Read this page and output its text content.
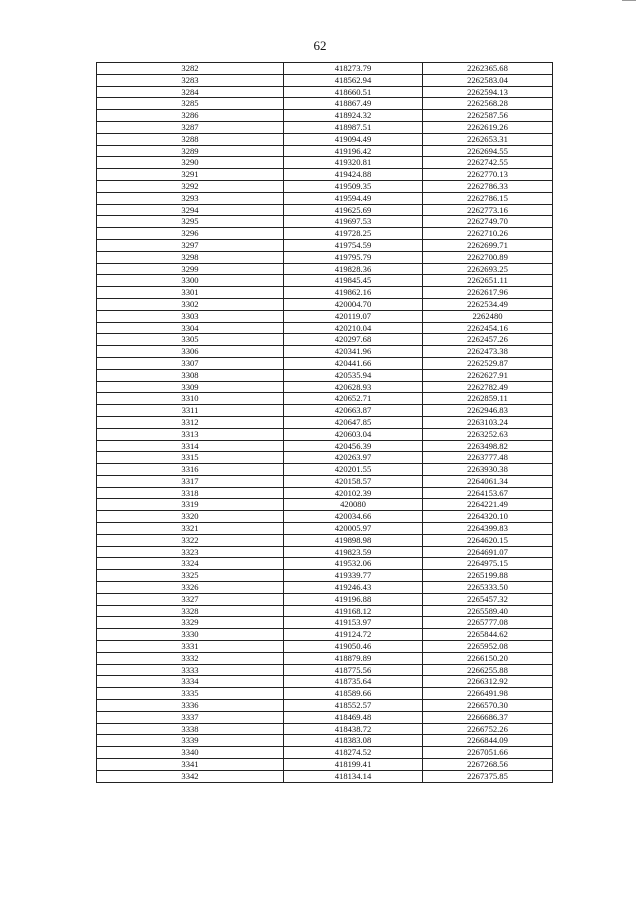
62
3282	418273.79	2262365.68
3283	418562.94	2262583.04
3284	418660.51	2262594.13
3285	418867.49	2262568.28
3286	418924.32	2262587.56
3287	418987.51	2262619.26
3288	419094.49	2262653.31
3289	419196.42	2262694.55
3290	419320.81	2262742.55
3291	419424.88	2262770.13
3292	419509.35	2262786.33
3293	419594.49	2262786.15
3294	419625.69	2262773.16
3295	419697.53	2262749.70
3296	419728.25	2262710.26
3297	419754.59	2262699.71
3298	419795.79	2262700.89
3299	419828.36	2262693.25
3300	419845.45	2262651.11
3301	419862.16	2262617.96
3302	420004.70	2262534.49
3303	420119.07	2262480
3304	420210.04	2262454.16
3305	420297.68	2262457.26
3306	420341.96	2262473.38
3307	420441.66	2262529.87
3308	420535.94	2262627.91
3309	420628.93	2262782.49
3310	420652.71	2262859.11
3311	420663.87	2262946.83
3312	420647.85	2263103.24
3313	420603.04	2263252.63
3314	420456.39	2263498.82
3315	420263.97	2263777.48
3316	420201.55	2263930.38
3317	420158.57	2264061.34
3318	420102.39	2264153.67
3319	420080	2264221.49
3320	420034.66	2264320.10
3321	420005.97	2264399.83
3322	419898.98	2264620.15
3323	419823.59	2264691.07
3324	419532.06	2264975.15
3325	419339.77	2265199.88
3326	419246.43	2265333.50
3327	419196.88	2265457.32
3328	419168.12	2265589.40
3329	419153.97	2265777.08
3330	419124.72	2265844.62
3331	419050.46	2265952.08
3332	418879.89	2266150.20
3333	418775.56	2266255.88
3334	418735.64	2266312.92
3335	418589.66	2266491.98
3336	418552.57	2266570.30
3337	418469.48	2266686.37
3338	418438.72	2266752.26
3339	418383.08	2266844.09
3340	418274.52	2267051.66
3341	418199.41	2267268.56
3342	418134.14	2267375.85
